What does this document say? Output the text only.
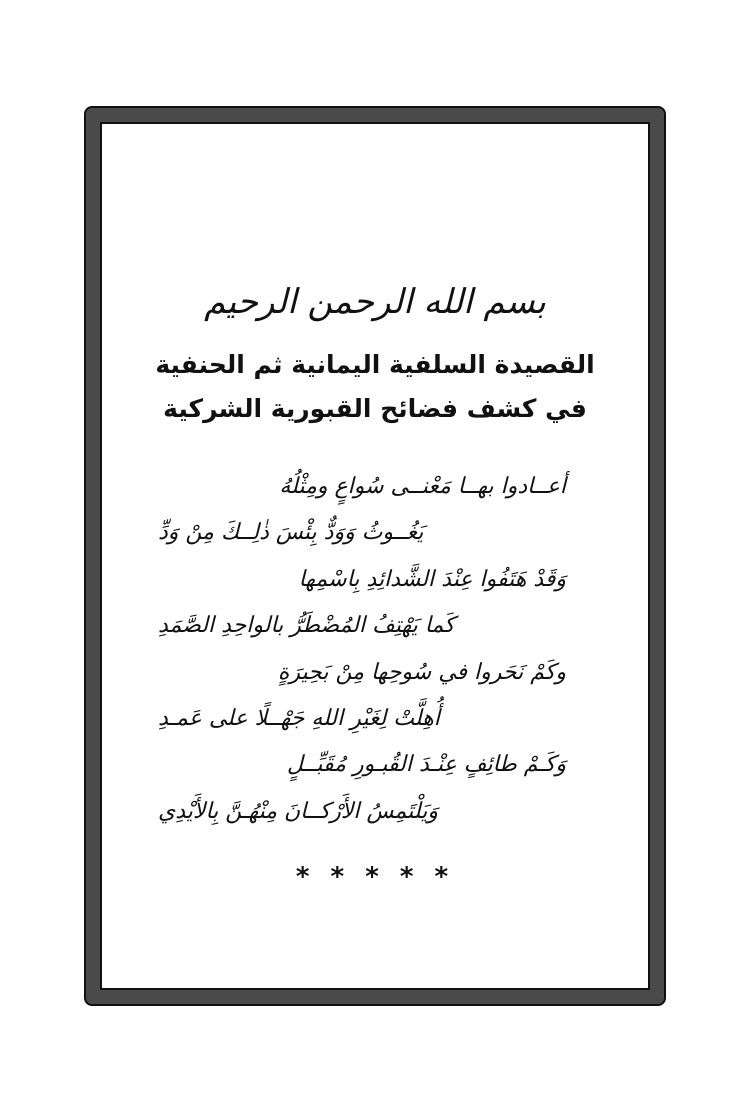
بسم الله الرحمن الرحيم
القصيدة السلفية اليمانية ثم الحنفية
في كشف فضائح القبورية الشركية
أعــادوا بهــا مَعْنــى سُواعٍ ومِثْلُهُ
يَغُــوثُ وَوَدٌّ بِئْسَ ذٰلِــكَ مِنْ وَدِّ
وَقَدْ هَتَفُوا عِنْدَ الشَّدائِدِ بِاسْمِها
كَما يَهْتِفُ المُضْطَرُّ بالواحِدِ الصَّمَدِ
وكَمْ نَحَروا في سُوحِها مِنْ بَحِيرَةٍ
أُهِلَّتْ لِغَيْرِ اللهِ جَهْــلًا على عَمـدِ
وَكَـمْ طائِفٍ عِنْـدَ القُبـورِ مُقَبِّــلٍ
وَيَلْتَمِسُ الأَرْكــانَ مِنْهُـنَّ بِالأَيْدِي
* * * * *
